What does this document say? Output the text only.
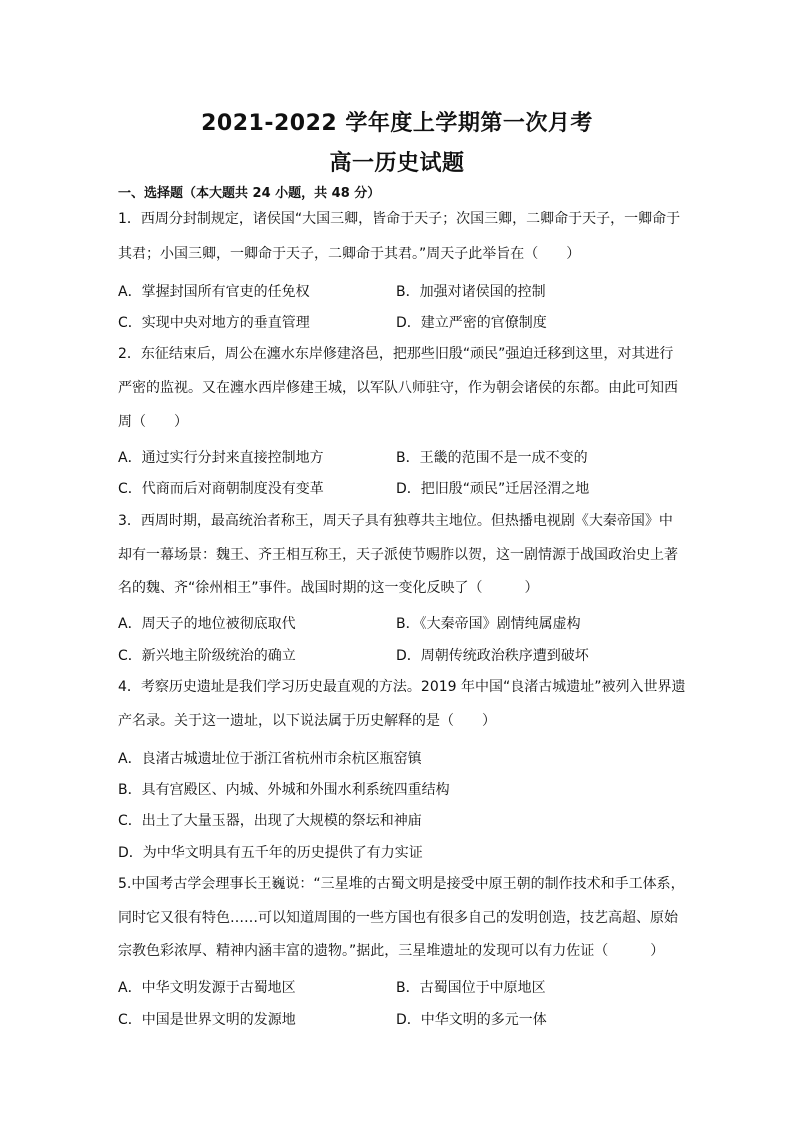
2021-2022 学年度上学期第一次月考
高一历史试题
一、选择题（本大题共 24 小题，共 48 分）
1．西周分封制规定，诸侯国“大国三卿，皆命于天子；次国三卿，二卿命于天子，一卿命于
其君；小国三卿，一卿命于天子，二卿命于其君。”周天子此举旨在（　　）
A．掌握封国所有官吏的任免权	B．加强对诸侯国的控制
C．实现中央对地方的垂直管理	D．建立严密的官僚制度
2．东征结束后，周公在瀍水东岸修建洛邑，把那些旧殷“顽民”强迫迁移到这里，对其进行
严密的监视。又在瀍水西岸修建王城，以军队八师驻守，作为朝会诸侯的东都。由此可知西
周（　　）
A．通过实行分封来直接控制地方	B．王畿的范围不是一成不变的
C．代商而后对商朝制度没有变革	D．把旧殷“顽民”迁居泾渭之地
3．西周时期，最高统治者称王，周天子具有独尊共主地位。但热播电视剧《大秦帝国》中
却有一幕场景：魏王、齐王相互称王，天子派使节赐胙以贺，这一剧情源于战国政治史上著
名的魏、齐“徐州相王”事件。战国时期的这一变化反映了（　　　）
A．周天子的地位被彻底取代	B．《大秦帝国》剧情纯属虚构
C．新兴地主阶级统治的确立	D．周朝传统政治秩序遭到破坏
4．考察历史遗址是我们学习历史最直观的方法。2019 年中国“良渚古城遗址”被列入世界遗
产名录。关于这一遗址，以下说法属于历史解释的是（　　）
A．良渚古城遗址位于浙江省杭州市余杭区瓶窑镇
B．具有宫殿区、内城、外城和外围水利系统四重结构
C．出土了大量玉器，出现了大规模的祭坛和神庙
D．为中华文明具有五千年的历史提供了有力实证
5.中国考古学会理事长王巍说：“三星堆的古蜀文明是接受中原王朝的制作技术和手工体系，
同时它又很有特色……可以知道周围的一些方国也有很多自己的发明创造，技艺高超、原始
宗教色彩浓厚、精神内涵丰富的遗物。”据此，三星堆遗址的发现可以有力佐证（　　　）
A．中华文明发源于古蜀地区	B．古蜀国位于中原地区
C．中国是世界文明的发源地	D．中华文明的多元一体
